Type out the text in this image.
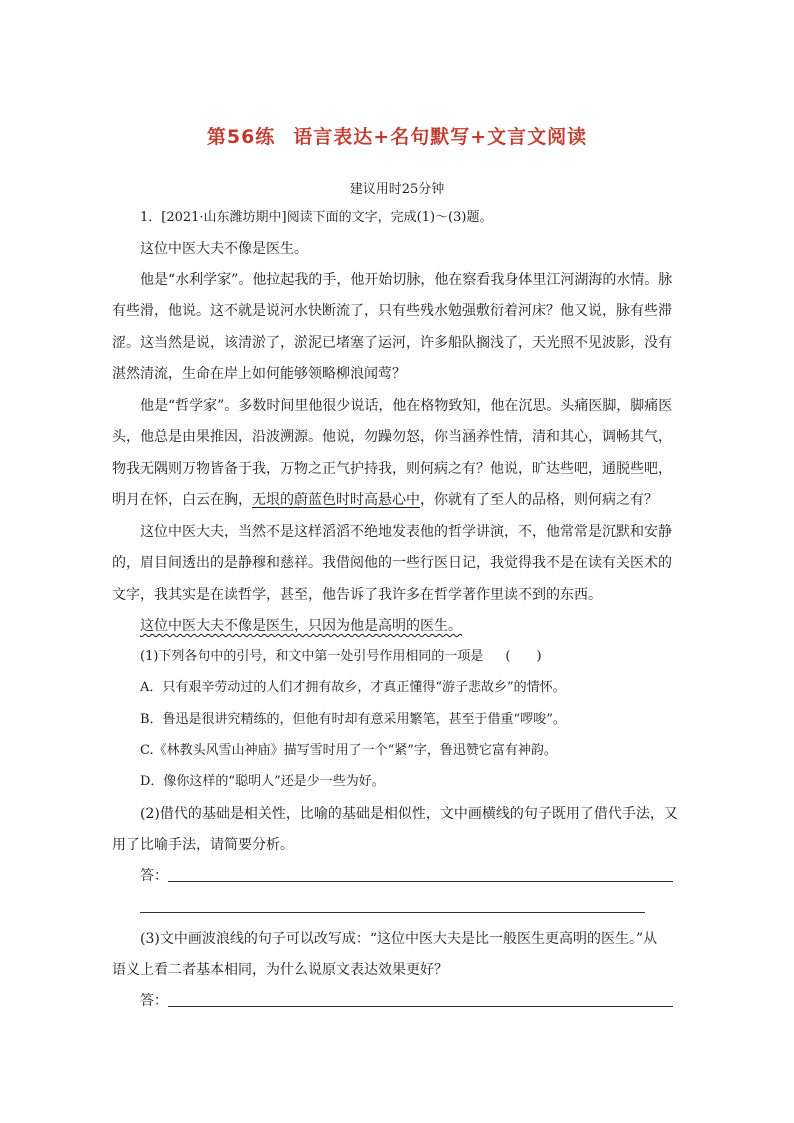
第56练 语言表达+名句默写+文言文阅读
建议用时25分钟
1．[2021·山东潍坊期中]阅读下面的文字，完成(1)～(3)题。
这位中医大夫不像是医生。
他是“水利学家”。他拉起我的手，他开始切脉，他在察看我身体里江河湖海的水情。脉
有些滑，他说。这不就是说河水快断流了，只有些残水勉强敷衍着河床？他又说，脉有些滞
涩。这当然是说，该清淤了，淤泥已堵塞了运河，许多船队搁浅了，天光照不见波影，没有
湛然清流，生命在岸上如何能够领略柳浪闻莺？
他是“哲学家”。多数时间里他很少说话，他在格物致知，他在沉思。头痛医脚，脚痛医
头，他总是由果推因，沿波溯源。他说，勿躁勿怒，你当涵养性情，清和其心，调畅其气，
物我无隅则万物皆备于我，万物之正气护持我，则何病之有？他说，旷达些吧，通脱些吧，
明月在怀，白云在胸，无垠的蔚蓝色时时高悬心中，你就有了至人的品格，则何病之有？
这位中医大夫，当然不是这样滔滔不绝地发表他的哲学讲演，不，他常常是沉默和安静
的，眉目间透出的是静穆和慈祥。我借阅他的一些行医日记，我觉得我不是在读有关医术的
文字，我其实是在读哲学，甚至，他告诉了我许多在哲学著作里读不到的东西。
这位中医大夫不像是医生，只因为他是高明的医生。
(1)下列各句中的引号，和文中第一处引号作用相同的一项是 (　　)
A．只有艰辛劳动过的人们才拥有故乡，才真正懂得“游子悲故乡”的情怀。
B．鲁迅是很讲究精练的，但他有时却有意采用繁笔，甚至于借重“啰唆”。
C.《林教头风雪山神庙》描写雪时用了一个“紧”字，鲁迅赞它富有神韵。
D．像你这样的“聪明人”还是少一些为好。
(2)借代的基础是相关性，比喻的基础是相似性，文中画横线的句子既用了借代手法，又
用了比喻手法，请简要分析。
答：
(3)文中画波浪线的句子可以改写成：“这位中医大夫是比一般医生更高明的医生。”从
语义上看二者基本相同，为什么说原文表达效果更好？
答：
